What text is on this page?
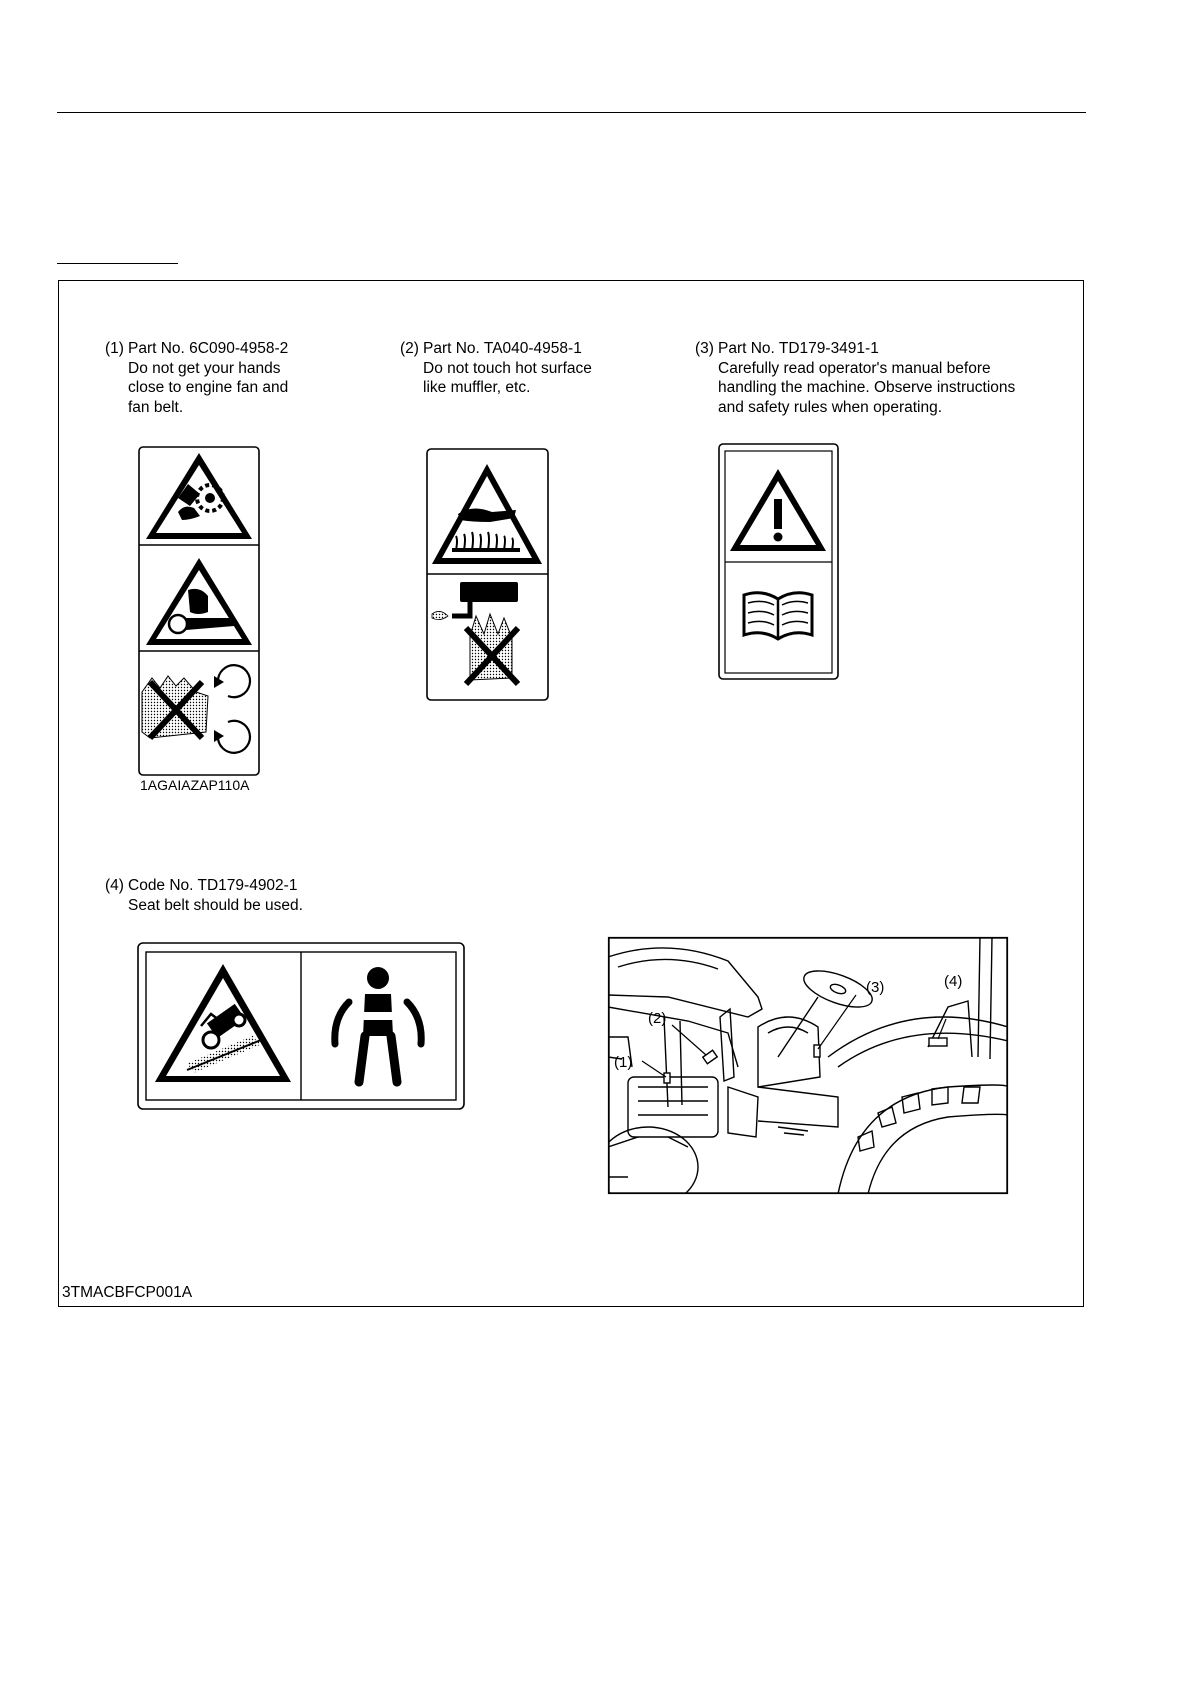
(1) Part No. 6C090-4958-2
Do not get your hands
close to engine fan and
fan belt.
(2) Part No. TA040-4958-1
Do not touch hot surface
like muffler, etc.
(3) Part No. TD179-3491-1
Carefully read operator's manual before
handling the machine. Observe instructions
and safety rules when operating.
(4) Code No. TD179-4902-1
Seat belt should be used.
1AGAIAZAP110A
(1)
(2)
(3)	(4)
3TMACBFCP001A
